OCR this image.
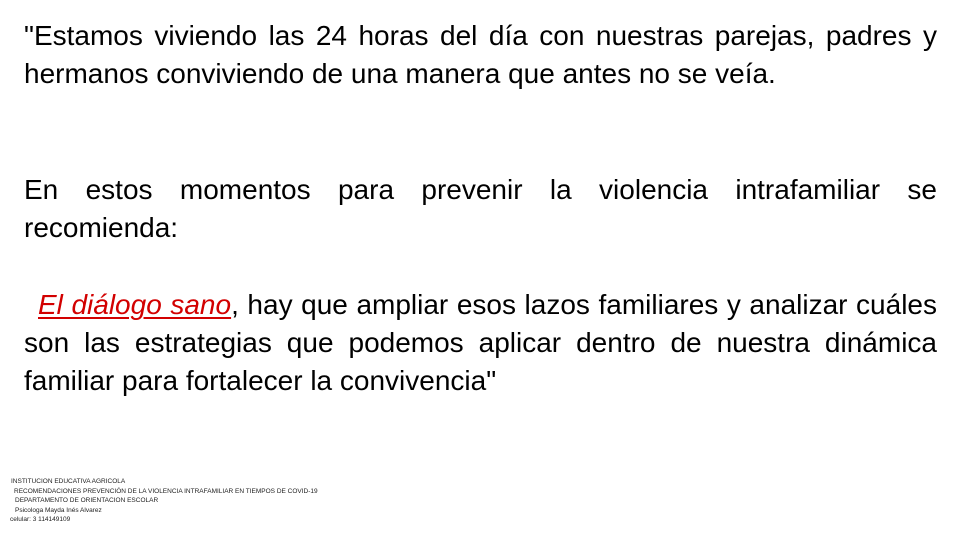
"Estamos viviendo las 24 horas del día con nuestras parejas, padres y hermanos conviviendo de una manera que antes no se veía.

En estos momentos para prevenir la violencia intrafamiliar se recomienda:

El diálogo sano, hay que ampliar esos lazos familiares y analizar cuáles son las estrategias que podemos aplicar dentro de nuestra dinámica familiar para fortalecer la convivencia"

INSTITUCION EDUCATIVA AGRICOLA
RECOMENDACIONES PREVENCIÓN DE LA VIOLENCIA INTRAFAMILIAR EN TIEMPOS DE COVID-19
DEPARTAMENTO DE ORIENTACION ESCOLAR
Psicologa Mayda Inés Alvarez
celular: 3 114149109
